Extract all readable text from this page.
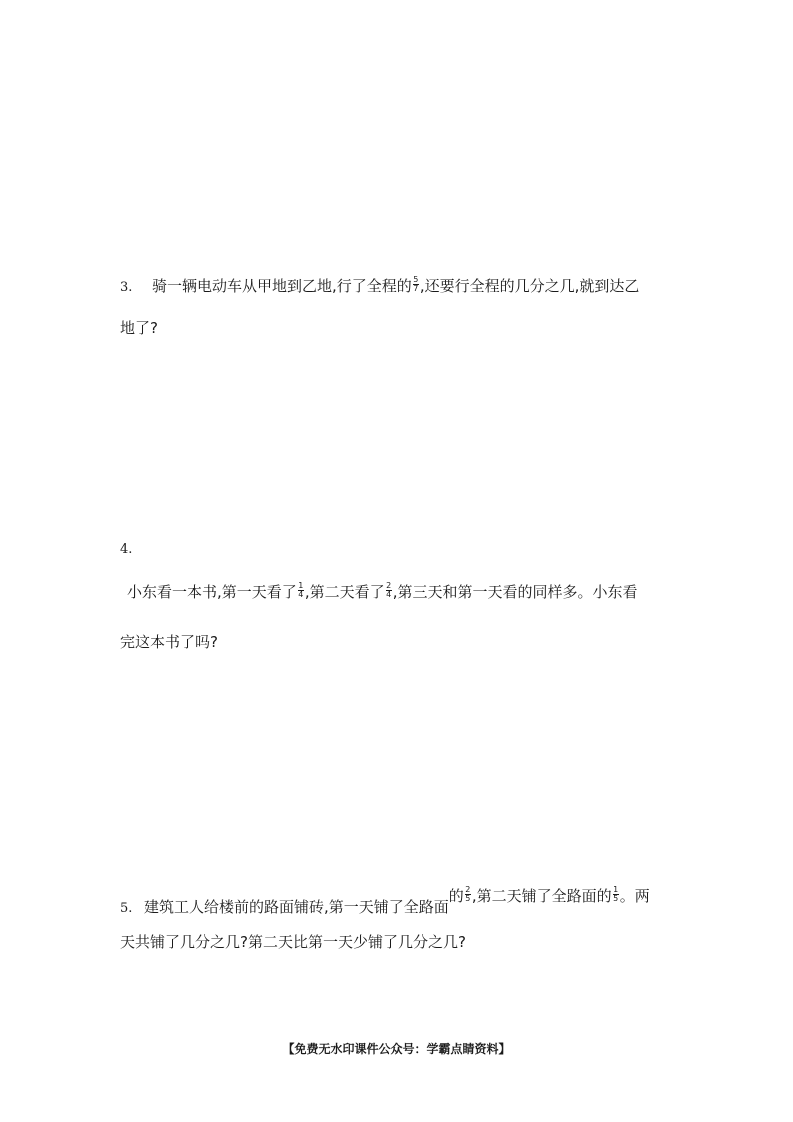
3. 骑一辆电动车从甲地到乙地,行了全程的 $\frac{5}{7}$ ,还要行全程的几分之几,就到达乙
地了?
4.
小东看一本书,第一天看了 $\frac{1}{4}$ ,第二天看了 $\frac{2}{4}$ ,第三天和第一天看的同样多。小东看
完这本书了吗?
5. 建筑工人给楼前的路面铺砖,第一天铺了全路面的 $\frac{2}{5}$ ,第二天铺了全路面的 $\frac{1}{5}$ 。两
天共铺了几分之几?第二天比第一天少铺了几分之几?
【免费无水印课件公众号：学霸点睛资料】
